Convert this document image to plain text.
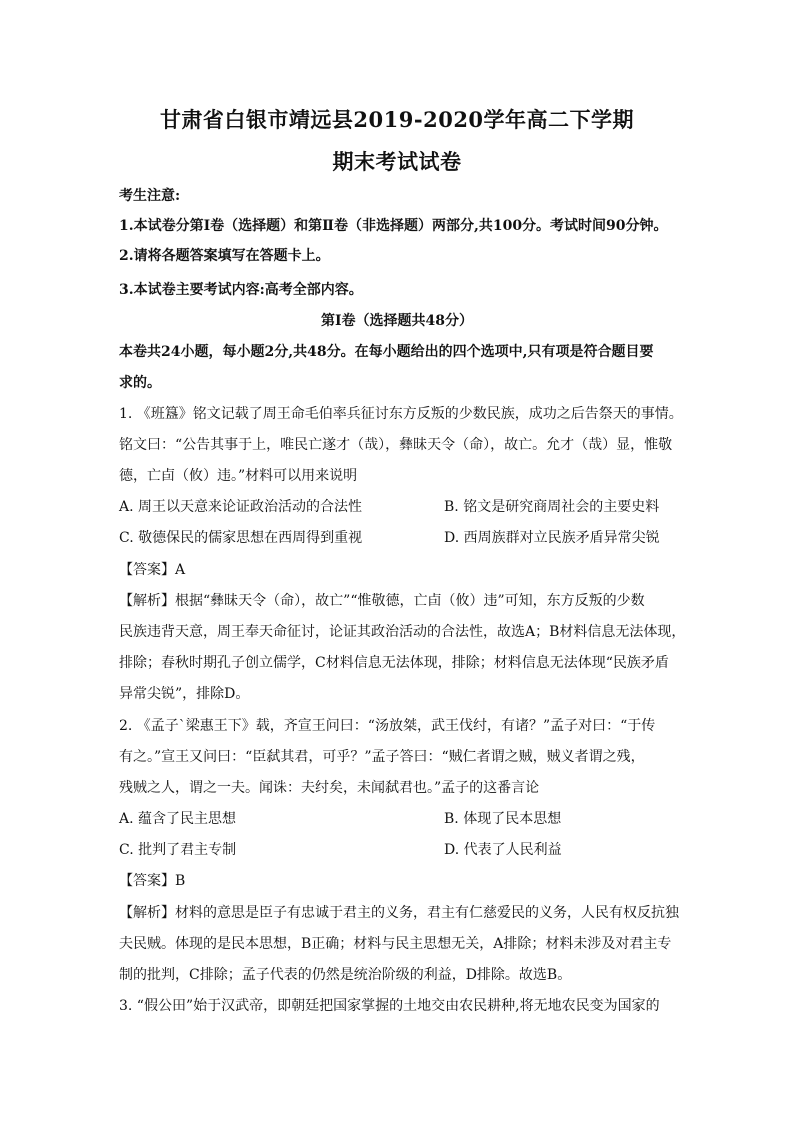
甘肃省白银市靖远县2019-2020学年高二下学期
期末考试试卷
考生注意:
1.本试卷分第Ⅰ卷（选择题）和第Ⅱ卷（非选择题）两部分,共100分。考试时间90分钟。
2.请将各题答案填写在答题卡上。
3.本试卷主要考试内容:高考全部内容。
第Ⅰ卷（选择题共48分）
本卷共24小题，每小题2分,共48分。在每小题给出的四个选项中,只有项是符合题目要
求的。
1. 《班簋》铭文记载了周王命毛伯率兵征讨东方反叛的少数民族，成功之后告祭天的事情。
铭文曰：“公告其事于上，唯民亡遂才（哉），彝昧天令（命），故亡。允才（哉）显，惟敬
德，亡卣（攸）违。”材料可以用来说明
A. 周王以天意来论证政治活动的合法性	B. 铭文是研究商周社会的主要史料
C. 敬德保民的儒家思想在西周得到重视	D. 西周族群对立民族矛盾异常尖锐
【答案】A
【解析】根据“彝昧天令（命），故亡”“惟敬德，亡卣（攸）违”可知，东方反叛的少数
民族违背天意，周王奉天命征讨，论证其政治活动的合法性，故选A；B材料信息无法体现，
排除；春秋时期孔子创立儒学，C材料信息无法体现，排除；材料信息无法体现“民族矛盾
异常尖锐”，排除D。
2. 《孟子`梁惠王下》载，齐宣王问曰：“汤放桀，武王伐纣，有诸？”孟子对曰：“于传
有之。”宣王又问曰：“臣弑其君，可乎？”孟子答曰：“贼仁者谓之贼，贼义者谓之残，
残贼之人，谓之一夫。闻诛：夫纣矣，未闻弑君也。”孟子的这番言论
A. 蕴含了民主思想	B. 体现了民本思想
C. 批判了君主专制	D. 代表了人民利益
【答案】B
【解析】材料的意思是臣子有忠诚于君主的义务，君主有仁慈爱民的义务，人民有权反抗独
夫民贼。体现的是民本思想，B正确；材料与民主思想无关，A排除；材料未涉及对君主专
制的批判，C排除；孟子代表的仍然是统治阶级的利益，D排除。故选B。
3. “假公田”始于汉武帝，即朝廷把国家掌握的土地交由农民耕种,将无地农民变为国家的
